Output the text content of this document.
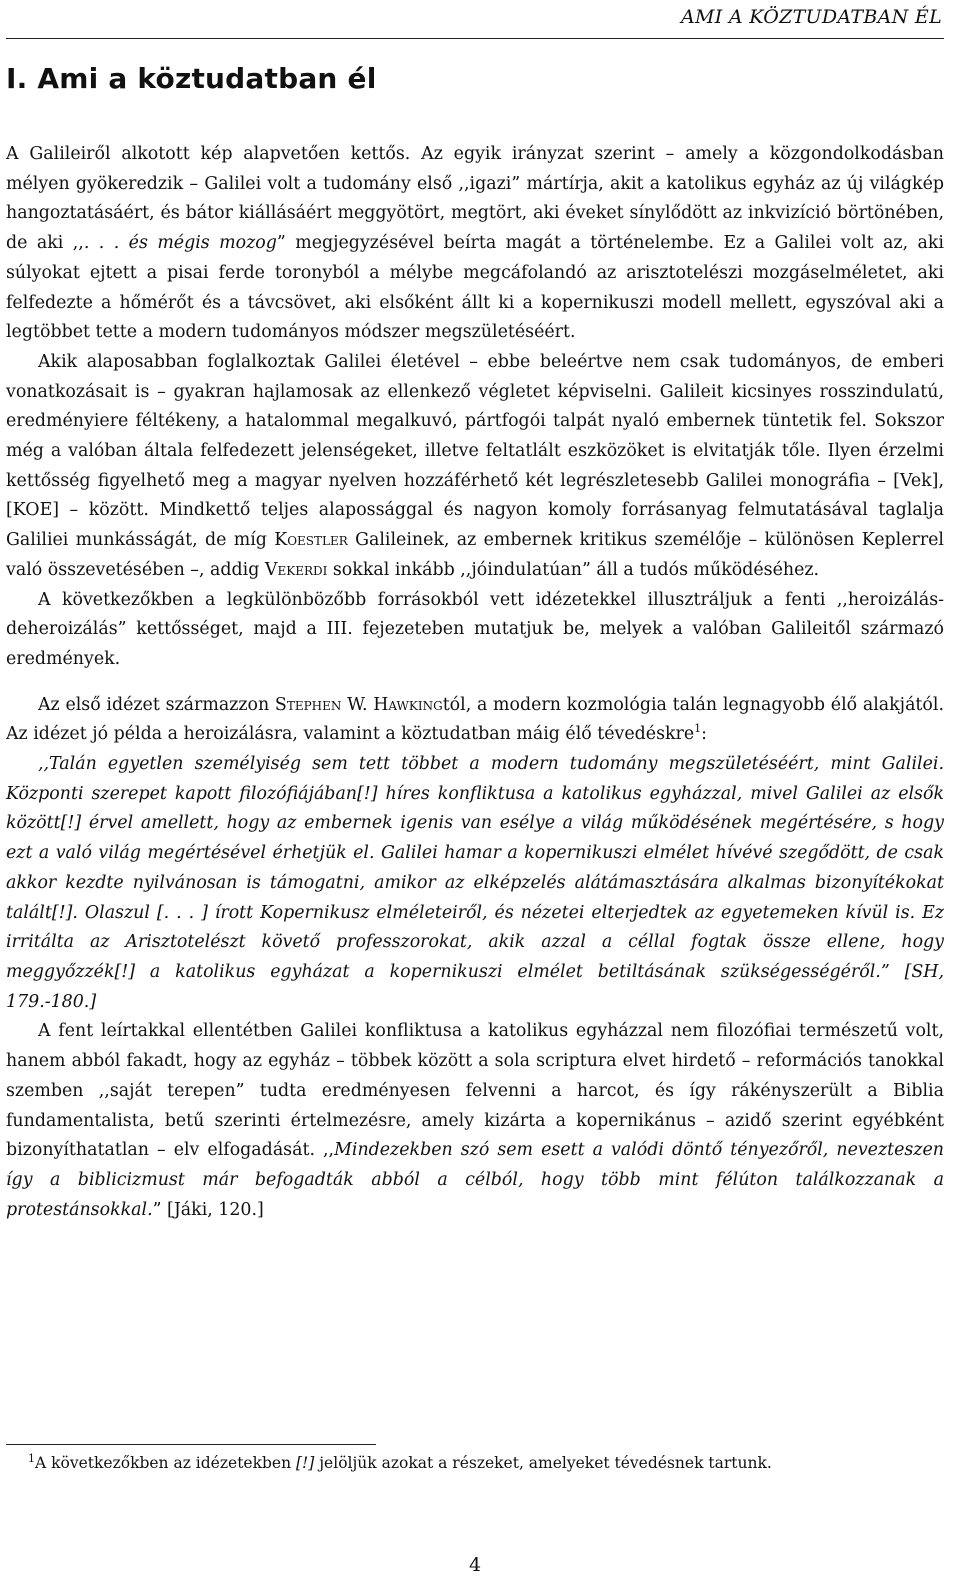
AMI A KÖZTUDATBAN ÉL
I. Ami a köztudatban él

A Galileiről alkotott kép alapvetően kettős. Az egyik irányzat szerint – amely a közgondolkodásban mélyen gyökeredzik – Galilei volt a tudomány első ,,igazi” mártírja, akit a katolikus egyház az új világkép hangoztatásáért, és bátor kiállásáért meggyötört, megtört, aki éveket sínylődött az inkvizíció börtönében, de aki ,,. . . és mégis mozog” megjegyzésével beírta magát a történelembe. Ez a Galilei volt az, aki súlyokat ejtett a pisai ferde toronyból a mélybe megcáfolandó az arisztotelészi mozgáselméletet, aki felfedezte a hőmérőt és a távcsövet, aki elsőként állt ki a kopernikuszi modell mellett, egyszóval aki a legtöbbet tette a modern tudományos módszer megszületéséért.

Akik alaposabban foglalkoztak Galilei életével – ebbe beleértve nem csak tudományos, de emberi vonatkozásait is – gyakran hajlamosak az ellenkező végletet képviselni. Galileit kicsinyes rosszindulatú, eredményiere féltékeny, a hatalommal megalkuvó, pártfogói talpát nyaló embernek tüntetik fel. Sokszor még a valóban általa felfedezett jelenségeket, illetve feltatlált eszközöket is elvitatják tőle. Ilyen érzelmi kettősség figyelhető meg a magyar nyelven hozzáférhető két legrészletesebb Galilei monográfia – [Vek], [KOE] – között. Mindkettő teljes alapossággal és nagyon komoly forrásanyag felmutatásával taglalja Galiliei munkásságát, de míg Koestler Galileinek, az embernek kritikus személője – különösen Keplerrel való összevetésében –, addig Vekerdi sokkal inkább ,,jóindulatúan” áll a tudós működéséhez.

A következőkben a legkülönbözőbb forrásokból vett idézetekkel illusztráljuk a fenti ,,heroizálás-deheroizálás” kettősséget, majd a III. fejezeteben mutatjuk be, melyek a valóban Galileitől származó eredmények.

Az első idézet származzon Stephen W. Hawkingtól, a modern kozmológia talán legnagyobb élő alakjától. Az idézet jó példa a heroizálásra, valamint a köztudatban máig élő tévedéskre$^1$:

,,Talán egyetlen személyiség sem tett többet a modern tudomány megszületéséért, mint Galilei. Központi szerepet kapott filozófiájában[!] híres konfliktusa a katolikus egyházzal, mivel Galilei az elsők között[!] érvel amellett, hogy az embernek igenis van esélye a világ működésének megértésére, s hogy ezt a való világ megértésével érhetjük el. Galilei hamar a kopernikuszi elmélet hívévé szegődött, de csak akkor kezdte nyilvánosan is támogatni, amikor az elképzelés alátámasztására alkalmas bizonyítékokat talált[!]. Olaszul [. . . ] írott Kopernikusz elméleteiről, és nézetei elterjedtek az egyetemeken kívül is. Ez irritálta az Arisztotelészt követő professzorokat, akik azzal a céllal fogtak össze ellene, hogy meggyőzzék[!] a katolikus egyházat a kopernikuszi elmélet betiltásának szükségességéről.” [SH, 179.-180.]

A fent leírtakkal ellentétben Galilei konfliktusa a katolikus egyházzal nem filozófiai természetű volt, hanem abból fakadt, hogy az egyház – többek között a sola scriptura elvet hirdető – reformációs tanokkal szemben ,,saját terepen” tudta eredményesen felvenni a harcot, és így rákényszerült a Biblia fundamentalista, betű szerinti értelmezésre, amely kizárta a kopernikánus – azidő szerint egyébként bizonyíthatatlan – elv elfogadását. ,,Mindezekben szó sem esett a valódi döntő tényezőről, nevezteszen így a biblicizmust már befogadták abból a célból, hogy több mint félúton találkozzanak a protestánsokkal.” [Jáki, 120.]

$^1$A következőkben az idézetekben [!] jelöljük azokat a részeket, amelyeket tévedésnek tartunk.
4
